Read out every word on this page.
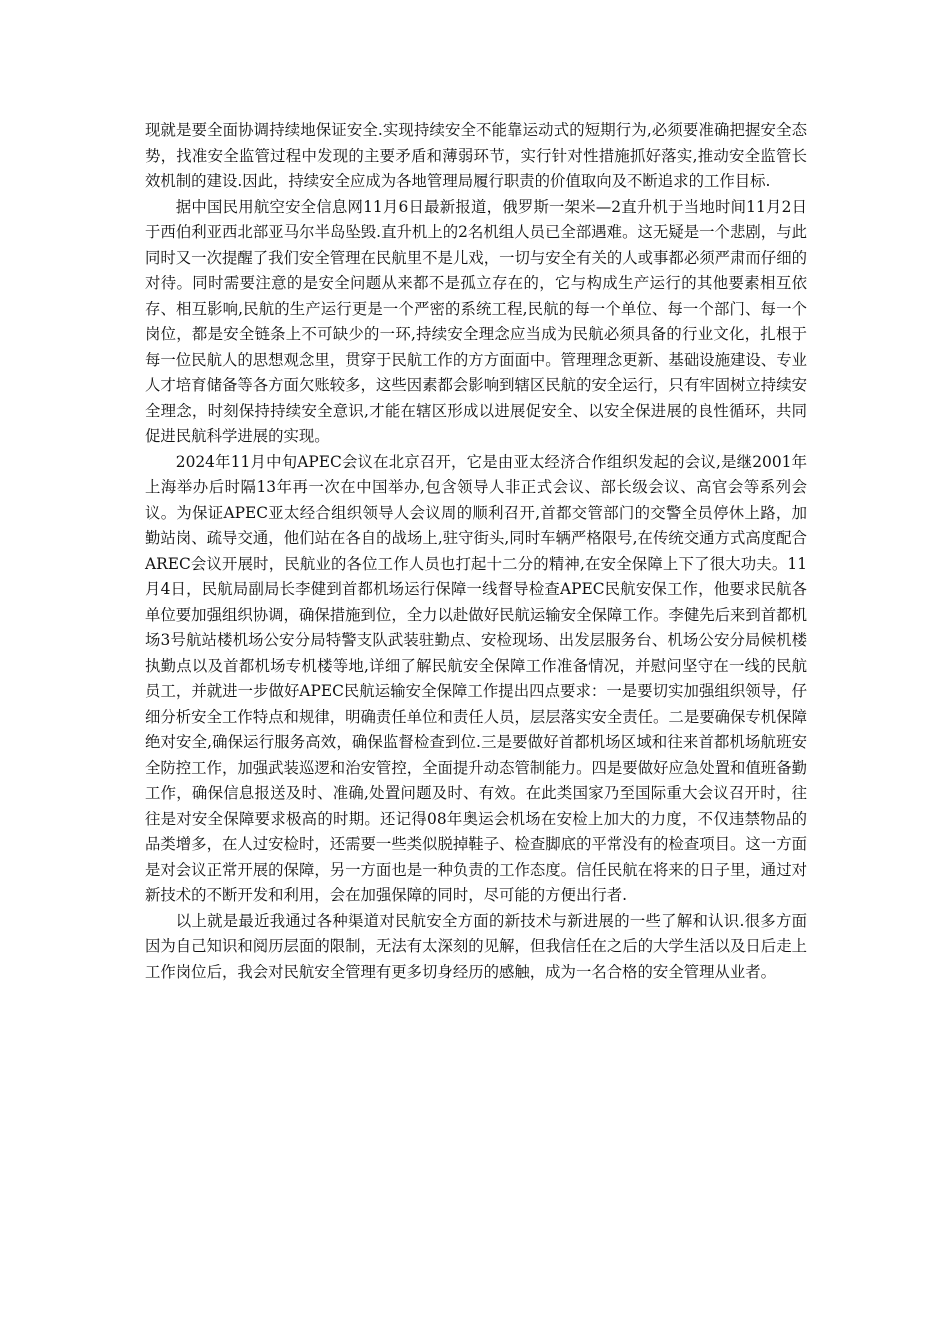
现就是要全面协调持续地保证安全.实现持续安全不能靠运动式的短期行为,必须要准确把握安全态势，找准安全监管过程中发现的主要矛盾和薄弱环节，实行针对性措施抓好落实,推动安全监管长效机制的建设.因此，持续安全应成为各地管理局履行职责的价值取向及不断追求的工作目标.

据中国民用航空安全信息网11月6日最新报道，俄罗斯一架米—2直升机于当地时间11月2日于西伯利亚西北部亚马尔半岛坠毁.直升机上的2名机组人员已全部遇难。这无疑是一个悲剧，与此同时又一次提醒了我们安全管理在民航里不是儿戏，一切与安全有关的人或事都必须严肃而仔细的对待。同时需要注意的是安全问题从来都不是孤立存在的，它与构成生产运行的其他要素相互依存、相互影响,民航的生产运行更是一个严密的系统工程,民航的每一个单位、每一个部门、每一个岗位，都是安全链条上不可缺少的一环,持续安全理念应当成为民航必须具备的行业文化，扎根于每一位民航人的思想观念里，贯穿于民航工作的方方面面中。管理理念更新、基础设施建设、专业人才培育储备等各方面欠账较多，这些因素都会影响到辖区民航的安全运行，只有牢固树立持续安全理念，时刻保持持续安全意识,才能在辖区形成以进展促安全、以安全保进展的良性循环，共同促进民航科学进展的实现。

2024年11月中旬APEC会议在北京召开，它是由亚太经济合作组织发起的会议,是继2001年上海举办后时隔13年再一次在中国举办,包含领导人非正式会议、部长级会议、高官会等系列会议。为保证APEC亚太经合组织领导人会议周的顺利召开,首都交管部门的交警全员停休上路，加勤站岗、疏导交通，他们站在各自的战场上,驻守街头,同时车辆严格限号,在传统交通方式高度配合AREC会议开展时，民航业的各位工作人员也打起十二分的精神,在安全保障上下了很大功夫。11月4日，民航局副局长李健到首都机场运行保障一线督导检查APEC民航安保工作，他要求民航各单位要加强组织协调，确保措施到位，全力以赴做好民航运输安全保障工作。李健先后来到首都机场3号航站楼机场公安分局特警支队武装驻勤点、安检现场、出发层服务台、机场公安分局候机楼执勤点以及首都机场专机楼等地,详细了解民航安全保障工作准备情况，并慰问坚守在一线的民航员工，并就进一步做好APEC民航运输安全保障工作提出四点要求：一是要切实加强组织领导，仔细分析安全工作特点和规律，明确责任单位和责任人员，层层落实安全责任。二是要确保专机保障绝对安全,确保运行服务高效，确保监督检查到位.三是要做好首都机场区域和往来首都机场航班安全防控工作，加强武装巡逻和治安管控，全面提升动态管制能力。四是要做好应急处置和值班备勤工作，确保信息报送及时、准确,处置问题及时、有效。在此类国家乃至国际重大会议召开时，往往是对安全保障要求极高的时期。还记得08年奥运会机场在安检上加大的力度，不仅违禁物品的品类增多，在人过安检时，还需要一些类似脱掉鞋子、检查脚底的平常没有的检查项目。这一方面是对会议正常开展的保障，另一方面也是一种负责的工作态度。信任民航在将来的日子里，通过对新技术的不断开发和利用，会在加强保障的同时，尽可能的方便出行者.

以上就是最近我通过各种渠道对民航安全方面的新技术与新进展的一些了解和认识.很多方面因为自己知识和阅历层面的限制，无法有太深刻的见解，但我信任在之后的大学生活以及日后走上工作岗位后，我会对民航安全管理有更多切身经历的感触，成为一名合格的安全管理从业者。
